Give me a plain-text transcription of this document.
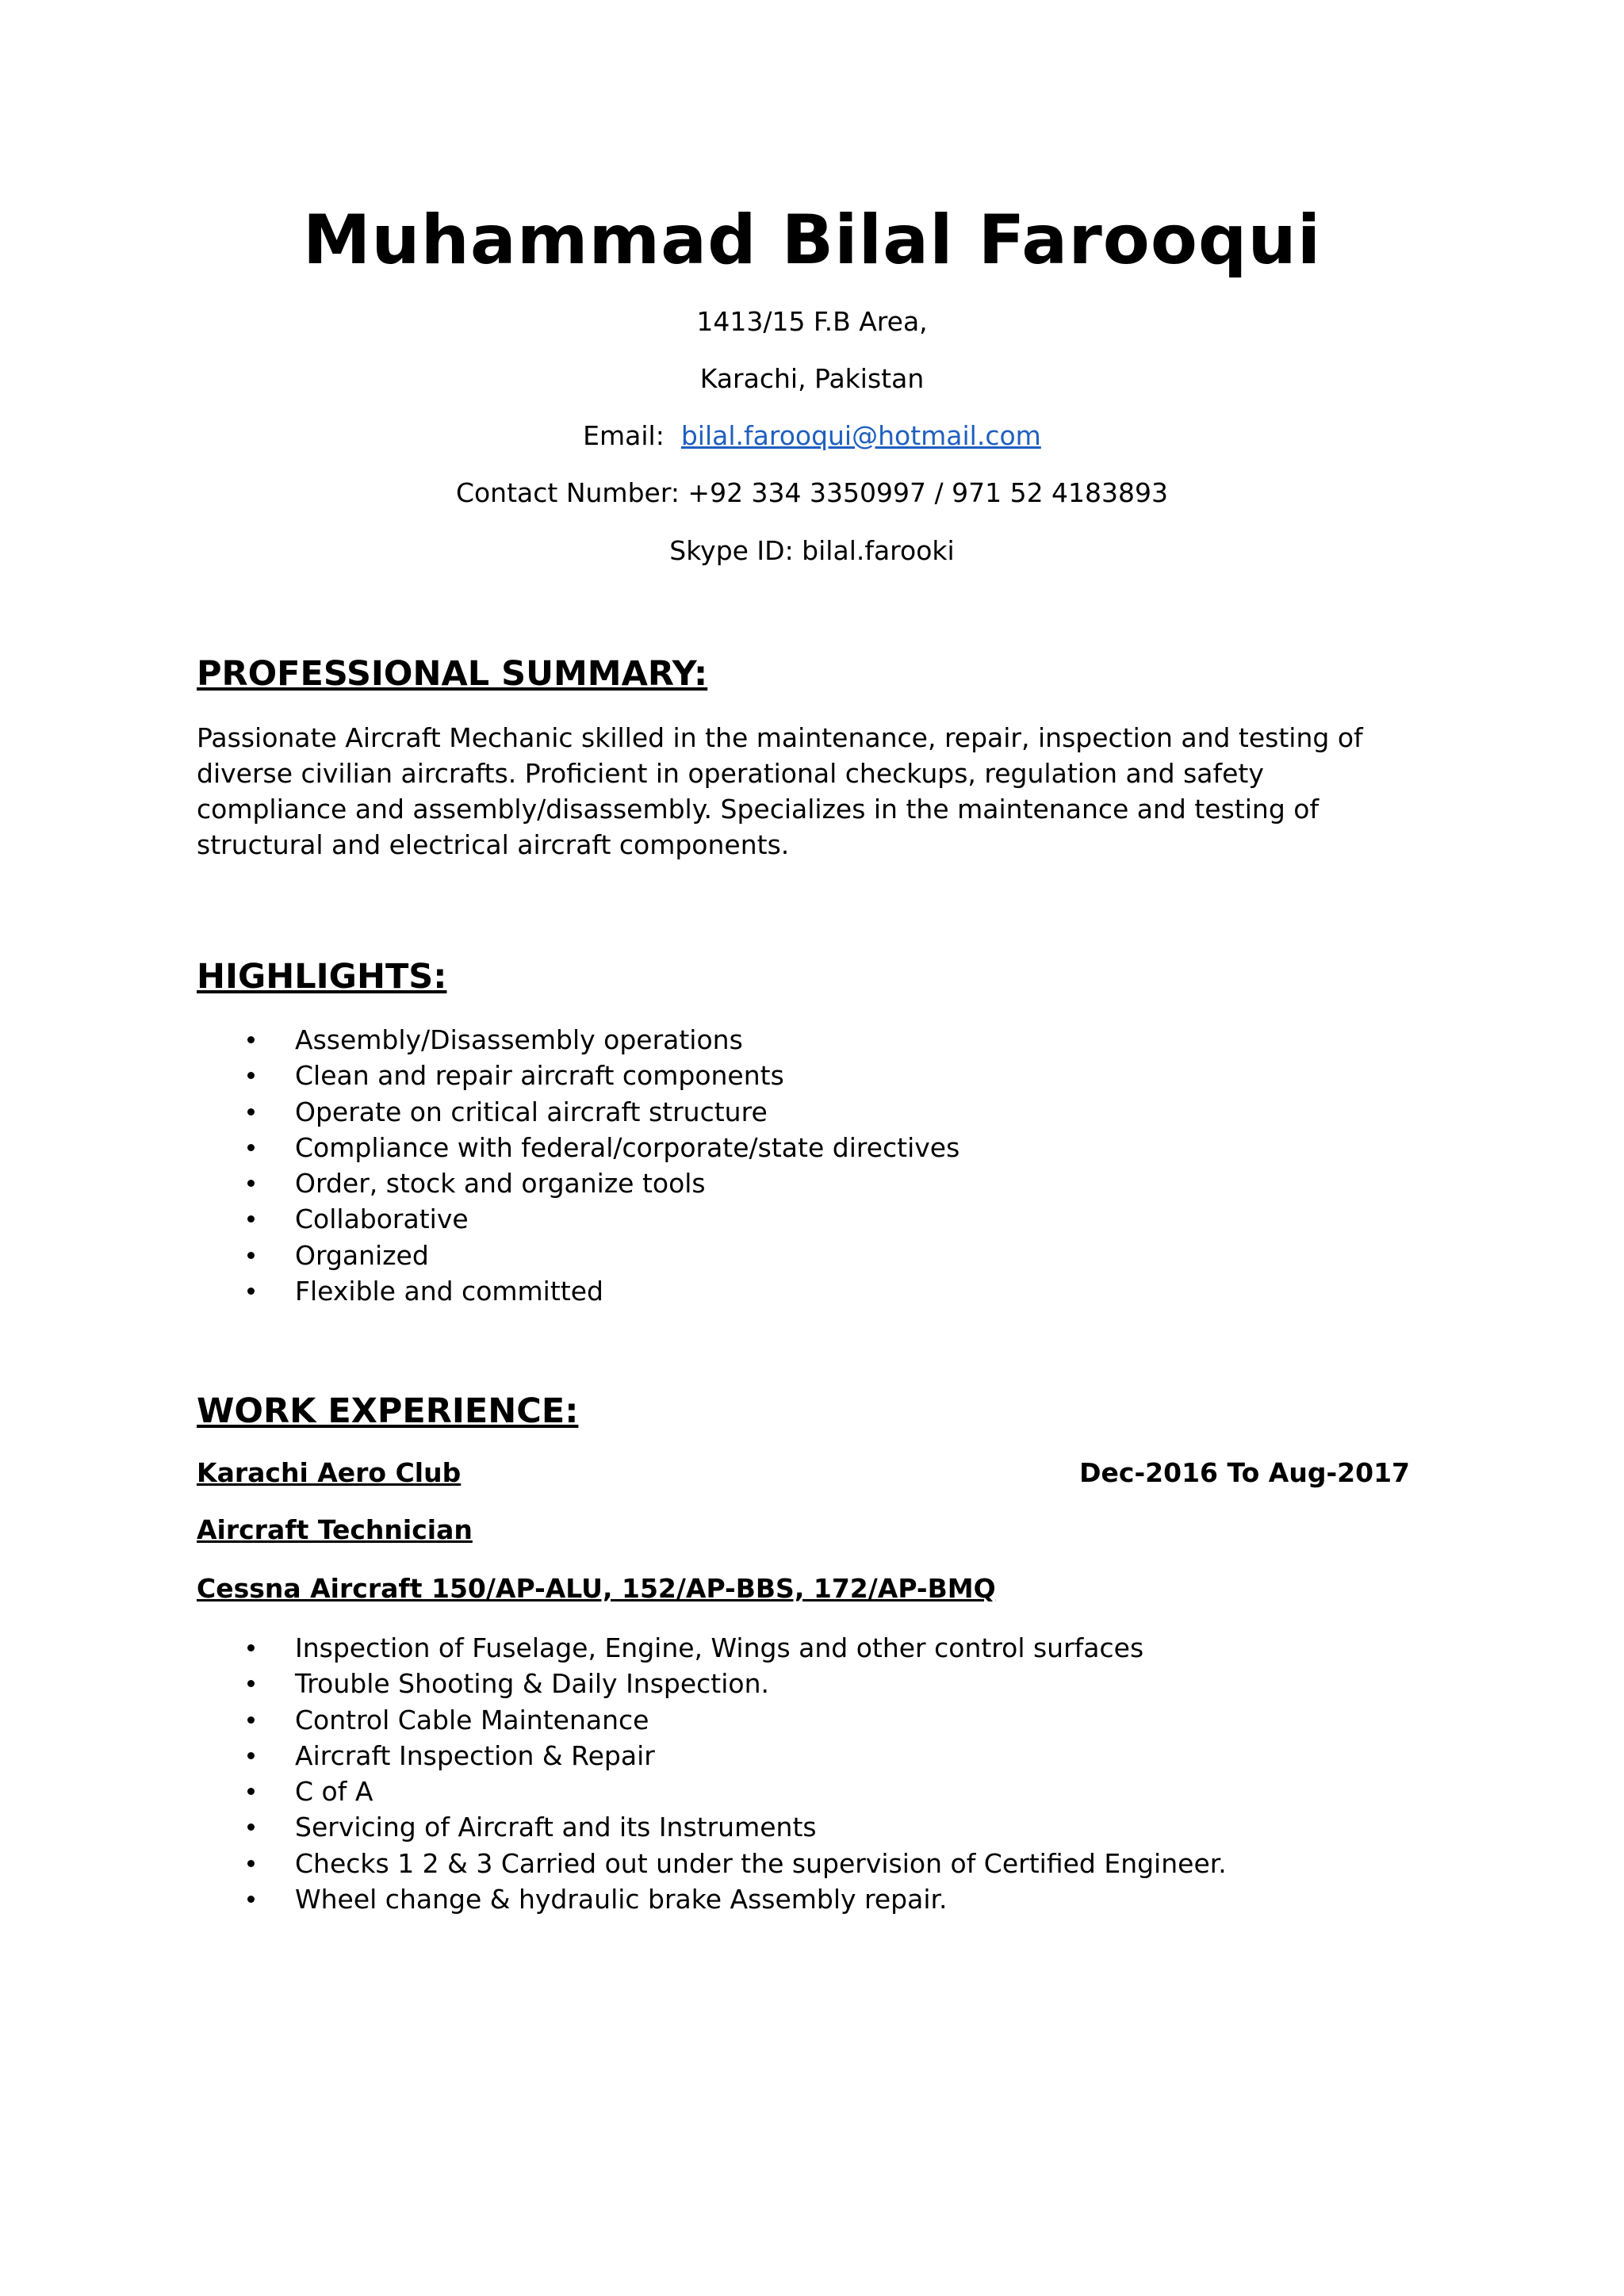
Muhammad Bilal Farooqui
1413/15 F.B Area,
Karachi, Pakistan
Email: bilal.farooqui@hotmail.com
Contact Number: +92 334 3350997 / 971 52 4183893
Skype ID: bilal.farooki
PROFESSIONAL SUMMARY:
Passionate Aircraft Mechanic skilled in the maintenance, repair, inspection and testing of
diverse civilian aircrafts. Proficient in operational checkups, regulation and safety
compliance and assembly/disassembly. Specializes in the maintenance and testing of
structural and electrical aircraft components.
HIGHLIGHTS:
Assembly/Disassembly operations
Clean and repair aircraft components
Operate on critical aircraft structure
Compliance with federal/corporate/state directives
Order, stock and organize tools
Collaborative
Organized
Flexible and committed
WORK EXPERIENCE:
Karachi Aero Club	Dec-2016 To Aug-2017
Aircraft Technician
Cessna Aircraft 150/AP-ALU, 152/AP-BBS, 172/AP-BMQ
Inspection of Fuselage, Engine, Wings and other control surfaces
Trouble Shooting & Daily Inspection.
Control Cable Maintenance
Aircraft Inspection & Repair
C of A
Servicing of Aircraft and its Instruments
Checks 1 2 & 3 Carried out under the supervision of Certified Engineer.
Wheel change & hydraulic brake Assembly repair.
